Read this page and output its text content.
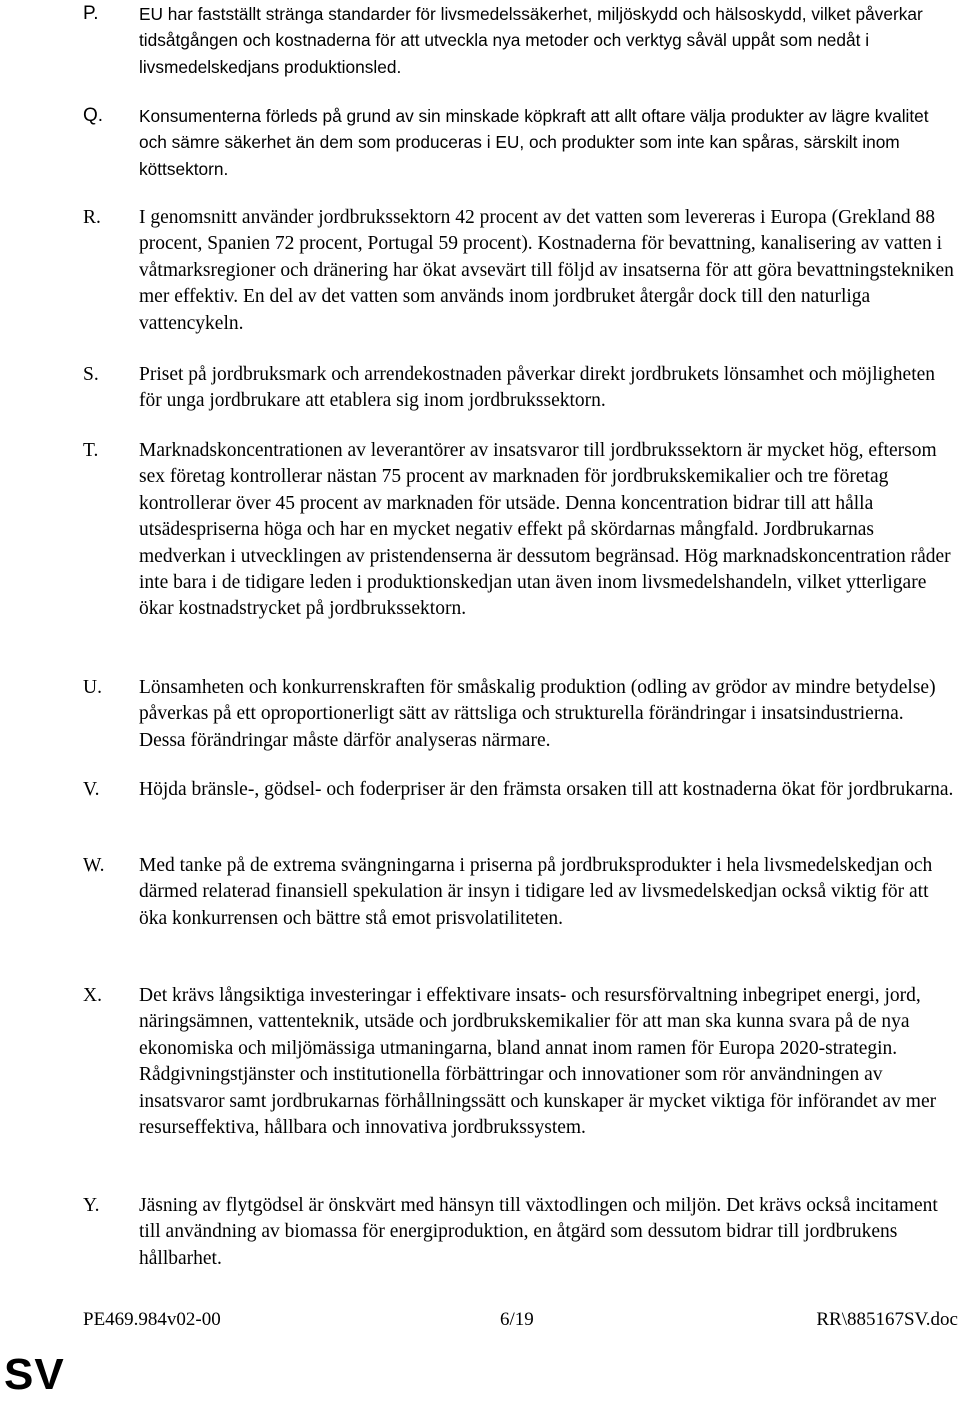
P. EU har fastställt stränga standarder för livsmedelssäkerhet, miljöskydd och hälsoskydd, vilket påverkar tidsåtgången och kostnaderna för att utveckla nya metoder och verktyg såväl uppåt som nedåt i livsmedelskedjans produktionsled.
Q. Konsumenterna förleds på grund av sin minskade köpkraft att allt oftare välja produkter av lägre kvalitet och sämre säkerhet än dem som produceras i EU, och produkter som inte kan spåras, särskilt inom köttsektorn.
R. I genomsnitt använder jordbrukssektorn 42 procent av det vatten som levereras i Europa (Grekland 88 procent, Spanien 72 procent, Portugal 59 procent). Kostnaderna för bevattning, kanalisering av vatten i våtmarksregioner och dränering har ökat avsevärt till följd av insatserna för att göra bevattningstekniken mer effektiv. En del av det vatten som används inom jordbruket återgår dock till den naturliga vattencykeln.
S. Priset på jordbruksmark och arrendekostnaden påverkar direkt jordbrukets lönsamhet och möjligheten för unga jordbrukare att etablera sig inom jordbrukssektorn.
T. Marknadskoncentrationen av leverantörer av insatsvaror till jordbrukssektorn är mycket hög, eftersom sex företag kontrollerar nästan 75 procent av marknaden för jordbrukskemikalier och tre företag kontrollerar över 45 procent av marknaden för utsäde. Denna koncentration bidrar till att hålla utsädespriserna höga och har en mycket negativ effekt på skördarnas mångfald. Jordbrukarnas medverkan i utvecklingen av pristendenserna är dessutom begränsad. Hög marknadskoncentration råder inte bara i de tidigare leden i produktionskedjan utan även inom livsmedelshandeln, vilket ytterligare ökar kostnadstrycket på jordbrukssektorn.
U. Lönsamheten och konkurrenskraften för småskalig produktion (odling av grödor av mindre betydelse) påverkas på ett oproportionerligt sätt av rättsliga och strukturella förändringar i insatsindustrierna. Dessa förändringar måste därför analyseras närmare.
V. Höjda bränsle-, gödsel- och foderpriser är den främsta orsaken till att kostnaderna ökat för jordbrukarna.
W. Med tanke på de extrema svängningarna i priserna på jordbruksprodukter i hela livsmedelskedjan och därmed relaterad finansiell spekulation är insyn i tidigare led av livsmedelskedjan också viktig för att öka konkurrensen och bättre stå emot prisvolatiliteten.
X. Det krävs långsiktiga investeringar i effektivare insats- och resursförvaltning inbegripet energi, jord, näringsämnen, vattenteknik, utsäde och jordbrukskemikalier för att man ska kunna svara på de nya ekonomiska och miljömässiga utmaningarna, bland annat inom ramen för Europa 2020-strategin. Rådgivningstjänster och institutionella förbättringar och innovationer som rör användningen av insatsvaror samt jordbrukarnas förhållningssätt och kunskaper är mycket viktiga för införandet av mer resurseffektiva, hållbara och innovativa jordbrukssystem.
Y. Jäsning av flytgödsel är önskvärt med hänsyn till växtodlingen och miljön. Det krävs också incitament till användning av biomassa för energiproduktion, en åtgärd som dessutom bidrar till jordbrukens hållbarhet.
PE469.984v02-00	6/19	RR\885167SV.doc
SV
